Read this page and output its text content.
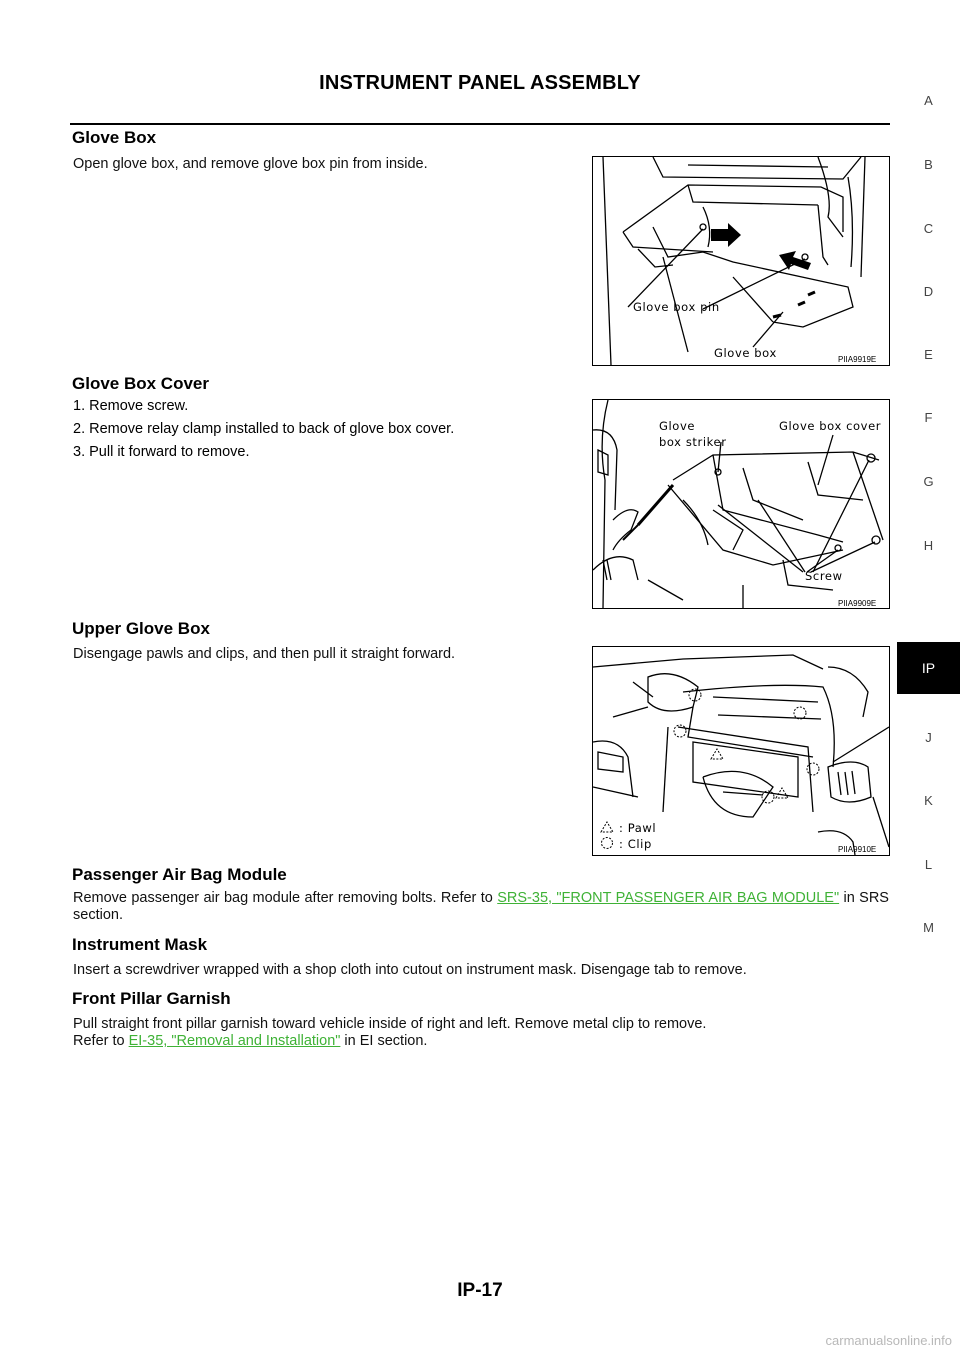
INSTRUMENT PANEL ASSEMBLY
Glove Box
Open glove box, and remove glove box pin from inside.
Glove box pin
Glove box	PIIA9919E
Glove Box Cover
1. Remove screw.
2. Remove relay clamp installed to back of glove box cover.
3. Pull it forward to remove.
Glove
box striker
Glove box cover
Screw
PIIA9909E
Upper Glove Box
Disengage pawls and clips, and then pull it straight forward.
: Pawl
: Clip	PIIA9910E
Passenger Air Bag Module
Remove passenger air bag module after removing bolts. Refer to SRS-35, "FRONT PASSENGER AIR BAG MODULE" in SRS section.
Instrument Mask
Insert a screwdriver wrapped with a shop cloth into cutout on instrument mask. Disengage tab to remove.
Front Pillar Garnish
Pull straight front pillar garnish toward vehicle inside of right and left. Remove metal clip to remove.
Refer to EI-35, "Removal and Installation" in EI section.
A
B
C
D
E
F
G
H
J
K
L
M
IP
IP-17
carmanualsonline.info
